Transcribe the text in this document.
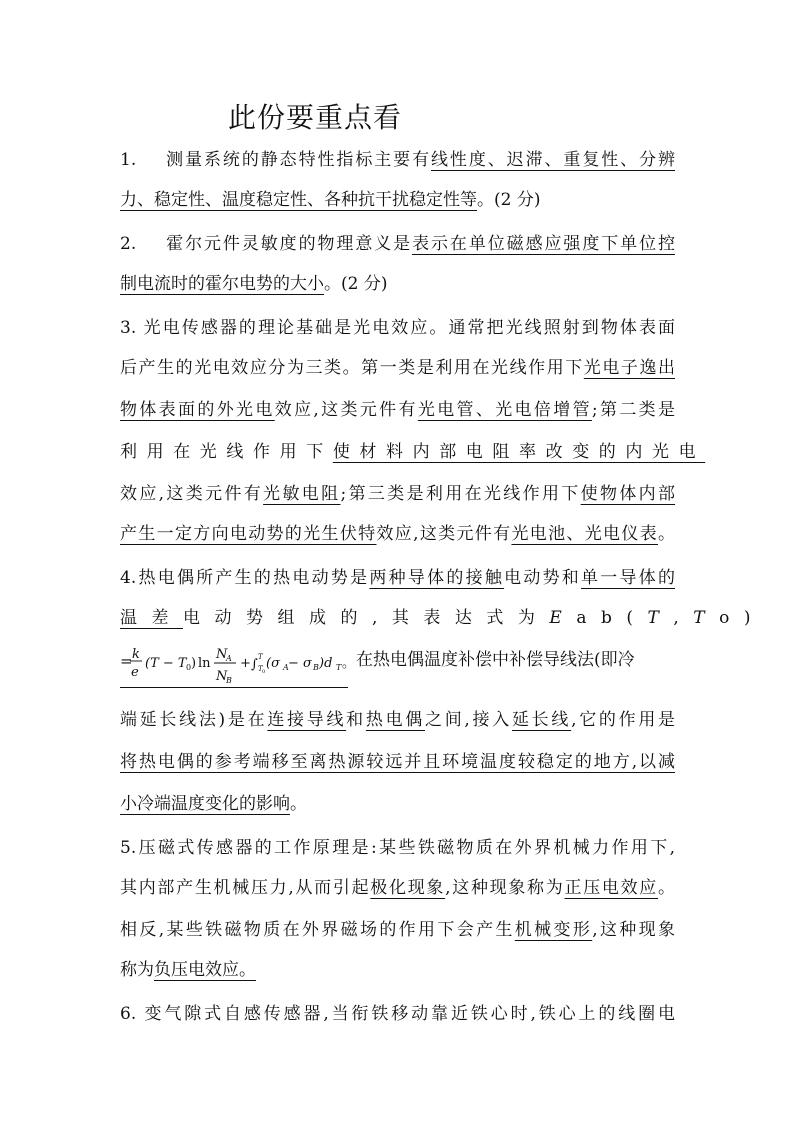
此份要重点看
1. 测量系统的静态特性指标主要有线性度、迟滞、重复性、分辨
力、稳定性、温度稳定性、各种抗干扰稳定性等。(2 分)
2. 霍尔元件灵敏度的物理意义是表示在单位磁感应强度下单位控
制电流时的霍尔电势的大小。(2 分)
3. 光电传感器的理论基础是光电效应。通常把光线照射到物体表面
后产生的光电效应分为三类。第一类是利用在光线作用下光电子逸出
物体表面的外光电效应,这类元件有光电管、光电倍增管;第二类是
利用在光线作用下使材料内部电阻率改变的内光电
效应,这类元件有光敏电阻;第三类是利用在光线作用下使物体内部
产生一定方向电动势的光生伏特效应,这类元件有光电池、光电仪表。
4.热电偶所产生的热电动势是两种导体的接触电动势和单一导体的
温差电动势组成的,其表达式为Eab(T,To)
= k
e
(T − T 0 ) ln
N
A
N
B
+ ∫ T 0
T (σ A − σ B )d T 。 在热电偶温度补偿中补偿导线法(即冷
端延长线法)是在连接导线和热电偶之间,接入延长线,它的作用是
将热电偶的参考端移至离热源较远并且环境温度较稳定的地方,以减
小冷端温度变化的影响。
5.压磁式传感器的工作原理是:某些铁磁物质在外界机械力作用下,
其内部产生机械压力,从而引起极化现象,这种现象称为正压电效应。
相反,某些铁磁物质在外界磁场的作用下会产生机械变形,这种现象
称为负压电效应。
6. 变气隙式自感传感器,当衔铁移动靠近铁心时,铁心上的线圈电
